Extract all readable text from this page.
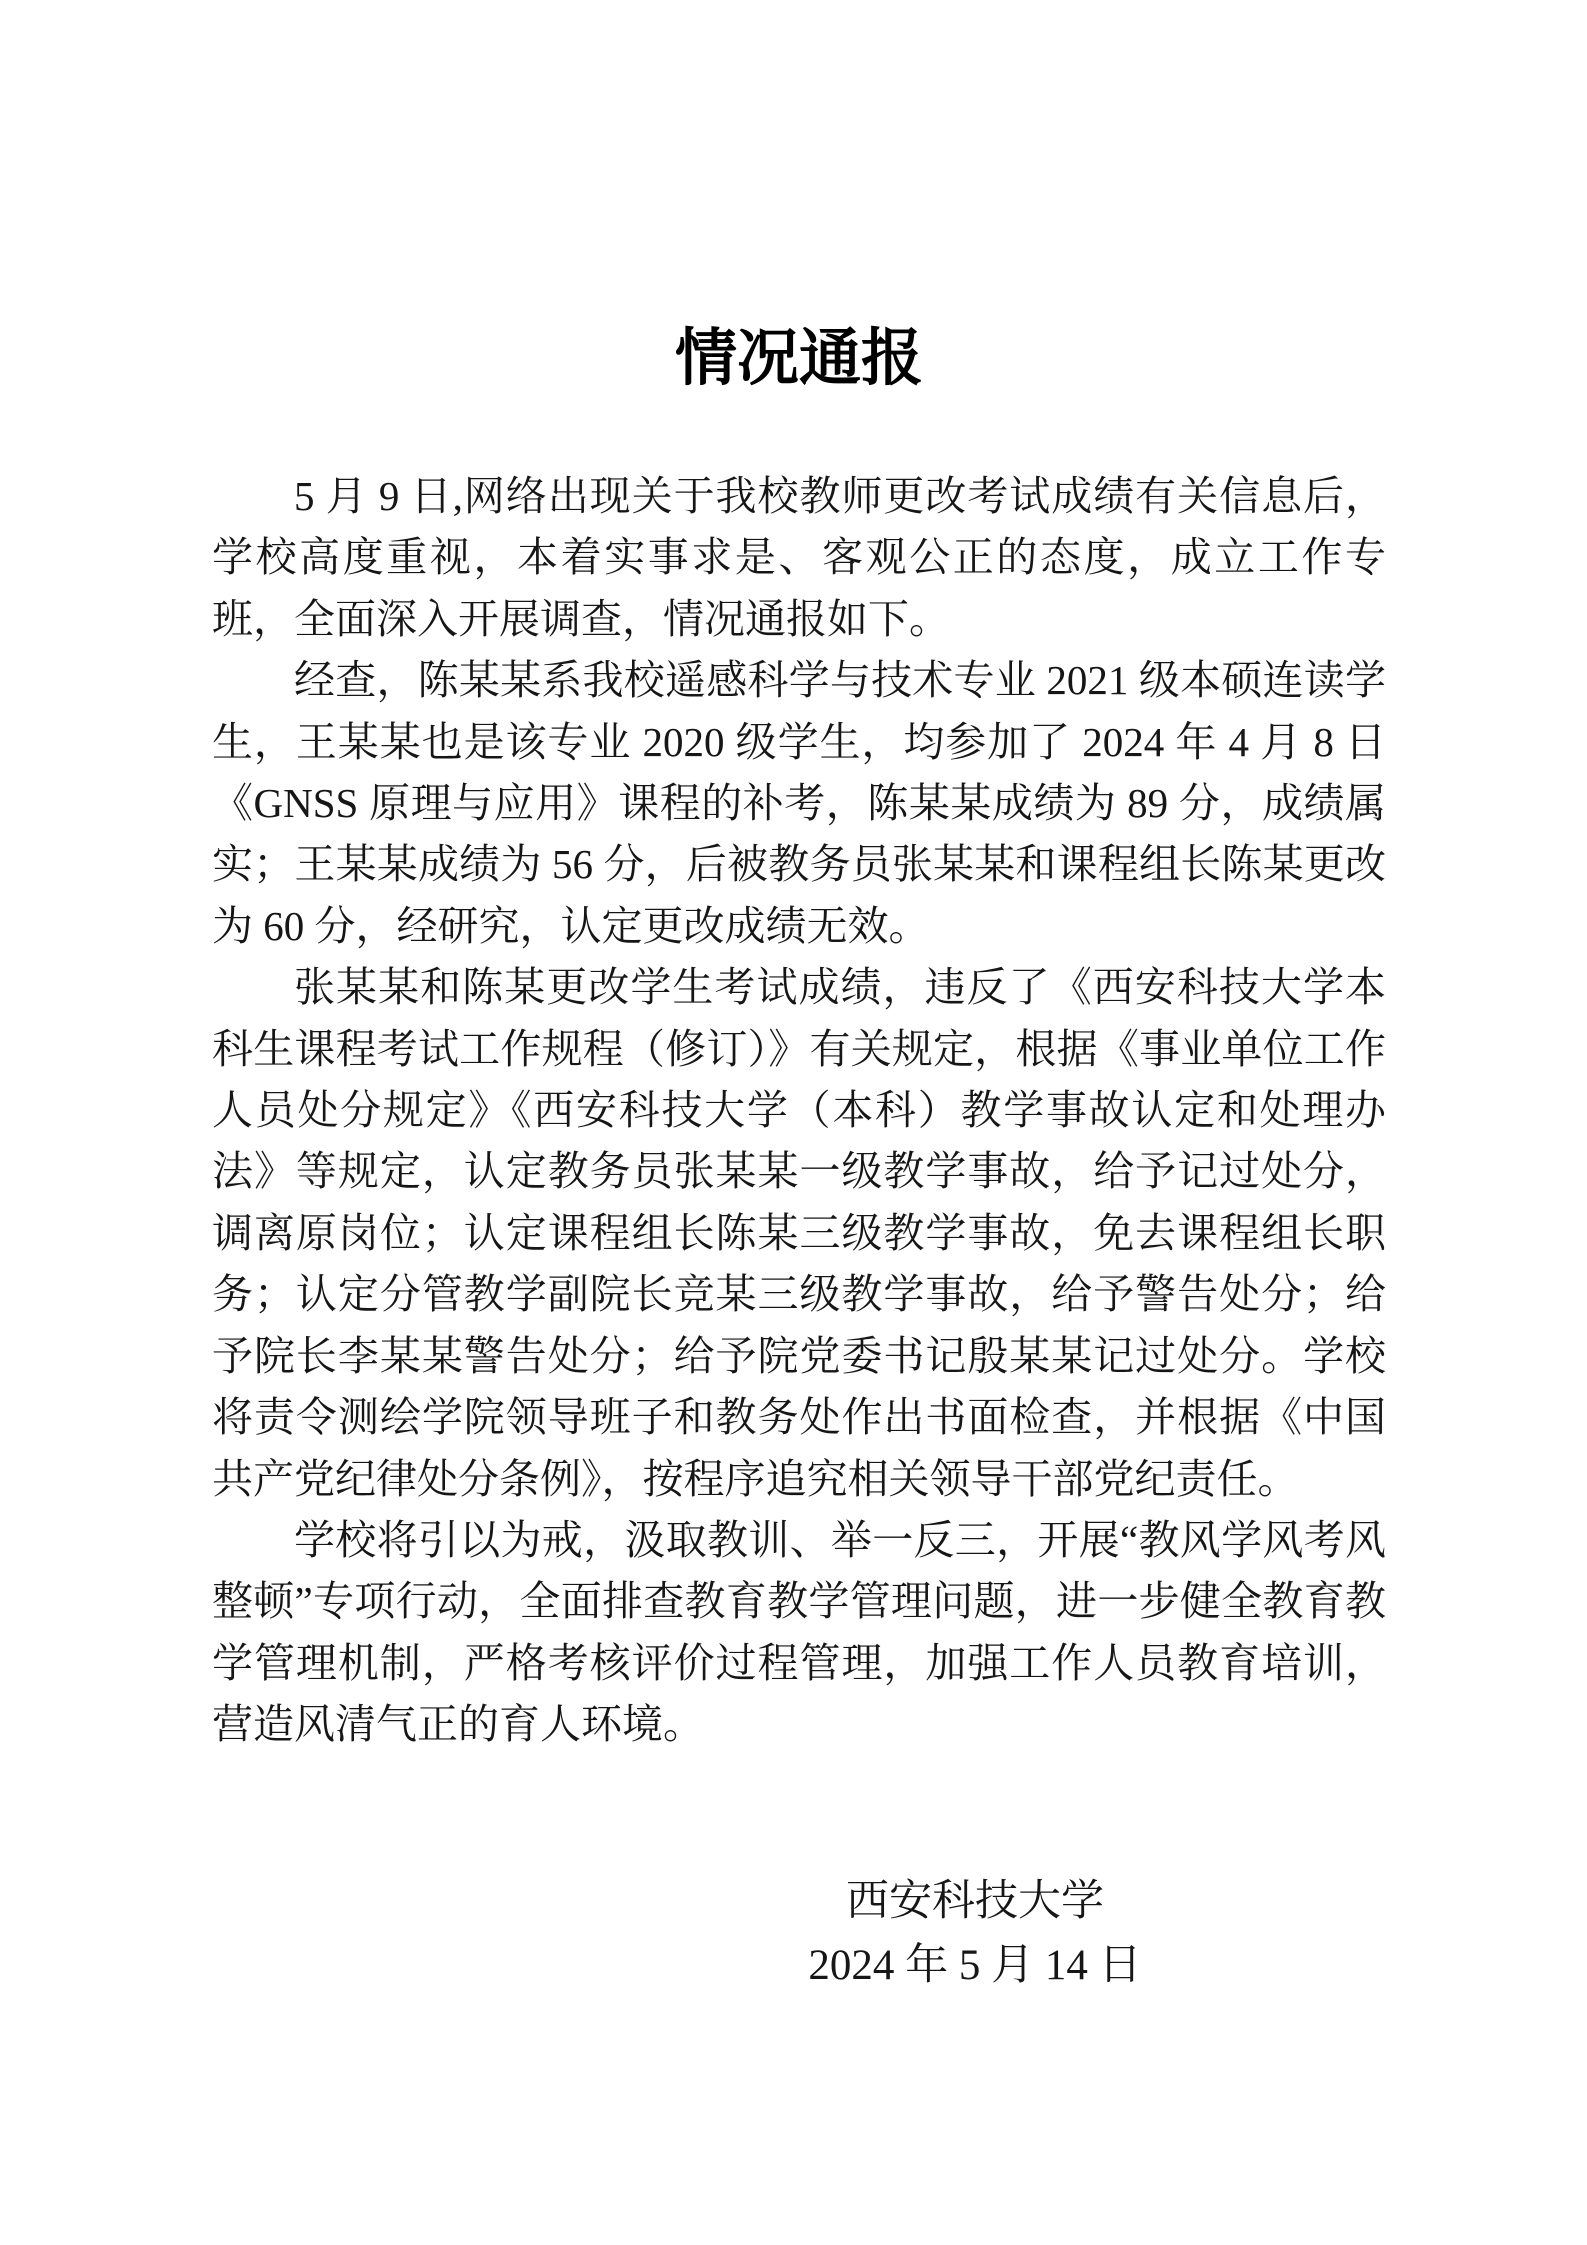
情况通报

5 月 9 日,网络出现关于我校教师更改考试成绩有关信息后，学校高度重视，本着实事求是、客观公正的态度，成立工作专班，全面深入开展调查，情况通报如下。

经查，陈某某系我校遥感科学与技术专业 2021 级本硕连读学生，王某某也是该专业 2020 级学生，均参加了 2024 年 4 月 8 日《GNSS 原理与应用》课程的补考，陈某某成绩为 89 分，成绩属实；王某某成绩为 56 分，后被教务员张某某和课程组长陈某更改为 60 分，经研究，认定更改成绩无效。

张某某和陈某更改学生考试成绩，违反了《西安科技大学本科生课程考试工作规程（修订）》有关规定，根据《事业单位工作人员处分规定》《西安科技大学（本科）教学事故认定和处理办法》等规定，认定教务员张某某一级教学事故，给予记过处分，调离原岗位；认定课程组长陈某三级教学事故，免去课程组长职务；认定分管教学副院长竞某三级教学事故，给予警告处分；给予院长李某某警告处分；给予院党委书记殷某某记过处分。学校将责令测绘学院领导班子和教务处作出书面检查，并根据《中国共产党纪律处分条例》，按程序追究相关领导干部党纪责任。

学校将引以为戒，汲取教训、举一反三，开展“教风学风考风整顿”专项行动，全面排查教育教学管理问题，进一步健全教育教学管理机制，严格考核评价过程管理，加强工作人员教育培训，营造风清气正的育人环境。

西安科技大学
2024 年 5 月 14 日
